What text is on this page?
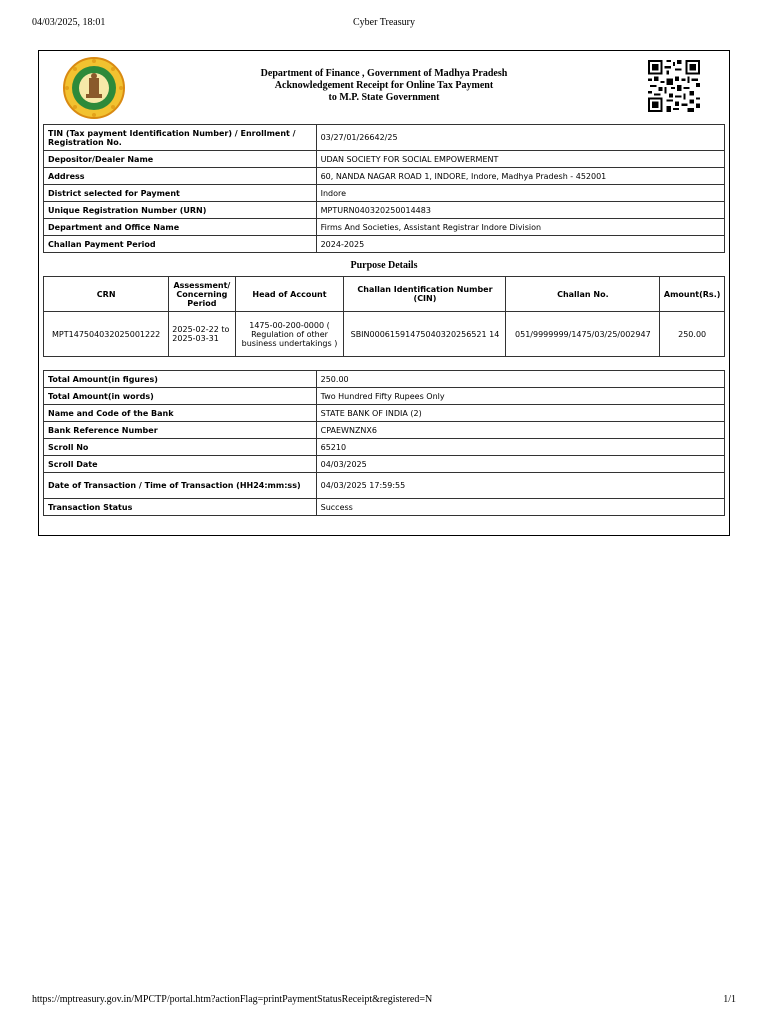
04/03/2025, 18:01	Cyber Treasury
Department of Finance , Government of Madhya Pradesh
Acknowledgement Receipt for Online Tax Payment
to M.P. State Government
TIN (Tax payment Identification Number) / Enrollment / Registration No.	03/27/01/26642/25
Depositor/Dealer Name	UDAN SOCIETY FOR SOCIAL EMPOWERMENT
Address	60, NANDA NAGAR ROAD 1, INDORE, Indore, Madhya Pradesh - 452001
District selected for Payment	Indore
Unique Registration Number (URN)	MPTURN040320250014483
Department and Office Name	Firms And Societies, Assistant Registrar Indore Division
Challan Payment Period	2024-2025
Purpose Details
CRN	Assessment/ Concerning Period	Head of Account	Challan Identification Number (CIN)	Challan No.	Amount(Rs.)
MPT147504032025001222	2025-02-22 to 2025-03-31	1475-00-200-0000 ( Regulation of other business undertakings )	SBIN00061591475040320256521 14	051/9999999/1475/03/25/002947	250.00
Total Amount(in figures)	250.00
Total Amount(in words)	Two Hundred Fifty Rupees Only
Name and Code of the Bank	STATE BANK OF INDIA (2)
Bank Reference Number	CPAEWNZNX6
Scroll No	65210
Scroll Date	04/03/2025
Date of Transaction / Time of Transaction (HH24:mm:ss)	04/03/2025 17:59:55
Transaction Status	Success
https://mptreasury.gov.in/MPCTP/portal.htm?actionFlag=printPaymentStatusReceipt&registered=N	1/1
